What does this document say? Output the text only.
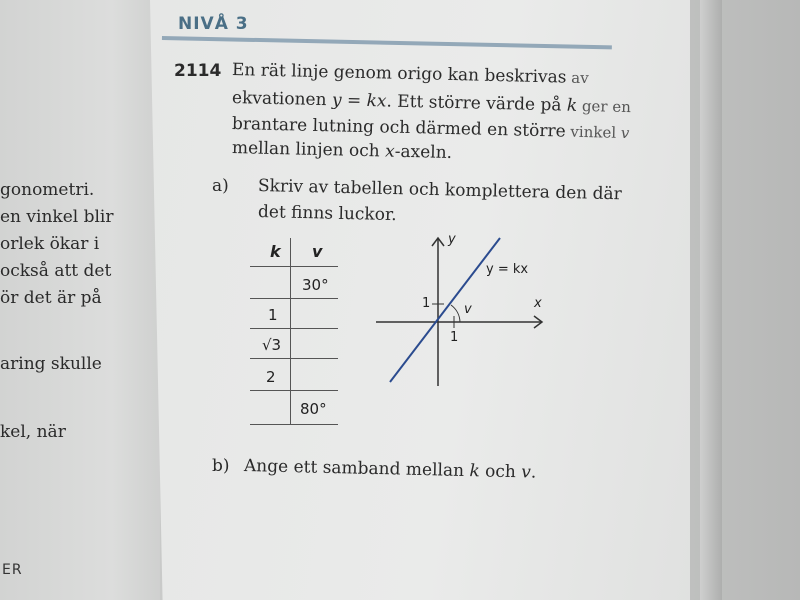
gonometri.
en vinkel blir
orlek ökar i
också att det
ör det är på
aring skulle
kel, när
ER
NIVÅ 3
2114 En rät linje genom origo kan beskrivas av
ekvationen y = kx. Ett större värde på k ger en
brantare lutning och därmed en större vinkel v
mellan linjen och x-axeln.
a) Skriv av tabellen och komplettera den där
det finns luckor.
k v
30°
1
√3
2
80°
y
x
y = kx
v
1
1
b) Ange ett samband mellan k och v.
